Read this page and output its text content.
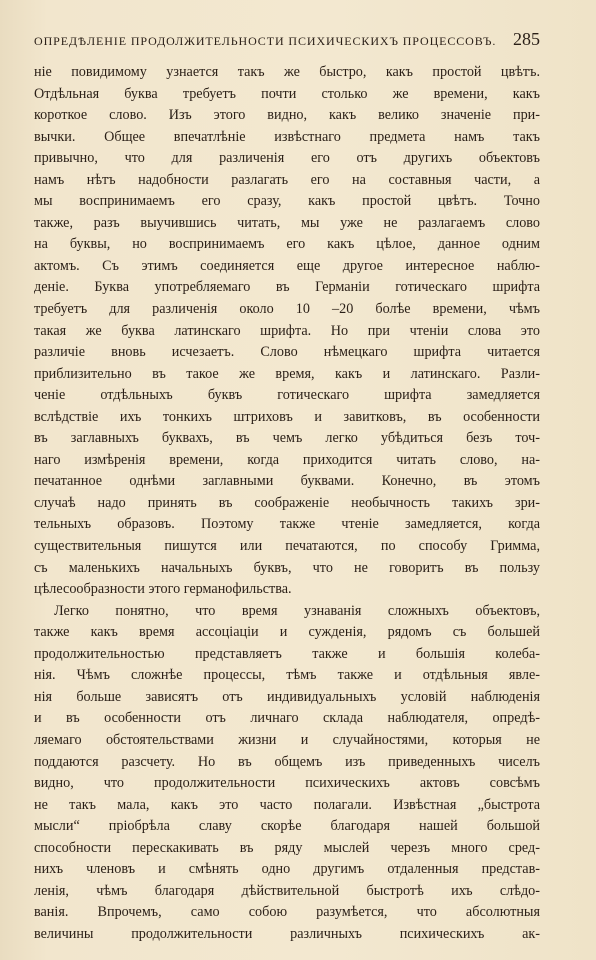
ОПРЕДѢЛЕНІЕ ПРОДОЛЖИТЕЛЬНОСТИ ПСИХИЧЕСКИХЪ ПРОЦЕССОВЪ. 285
ніе повидимому узнается такъ же быстро, какъ простой цвѣтъ.
Отдѣльная буква требуетъ почти столько же времени, какъ
короткое слово. Изъ этого видно, какъ велико значеніе при-
вычки. Общее впечатлѣніе извѣстнаго предмета намъ такъ
привычно, что для различенія его отъ другихъ объектовъ
намъ нѣтъ надобности разлагать его на составныя части, а
мы воспринимаемъ его сразу, какъ простой цвѣтъ. Точно
также, разъ выучившись читать, мы уже не разлагаемъ слово
на буквы, но воспринимаемъ его какъ цѣлое, данное одним
актомъ. Съ этимъ соединяется еще другое интересное наблю-
деніе. Буква употребляемаго въ Германіи готическаго шрифта
требуетъ для различенія около 10 –20 болѣе времени, чѣмъ
такая же буква латинскаго шрифта. Но при чтеніи слова это
различіе вновь исчезаетъ. Слово нѣмецкаго шрифта читается
приблизительно въ такое же время, какъ и латинскаго. Разли-
ченіе отдѣльныхъ буквъ готическаго шрифта замедляется
вслѣдствіе ихъ тонкихъ штриховъ и завитковъ, въ особенности
въ заглавныхъ буквахъ, въ чемъ легко убѣдиться безъ точ-
наго измѣренія времени, когда приходится читать слово, на-
печатанное однѣми заглавными буквами. Конечно, въ этомъ
случаѣ надо принять въ соображеніе необычность такихъ зри-
тельныхъ образовъ. Поэтому также чтеніе замедляется, когда
существительныя пишутся или печатаются, по способу Гримма,
съ маленькихъ начальныхъ буквъ, что не говоритъ въ пользу
цѣлесообразности этого германофильства.
Легко понятно, что время узнаванія сложныхъ объектовъ,
также какъ время ассоціаціи и сужденія, рядомъ съ большей
продолжительностью представляетъ также и большія колеба-
нія. Чѣмъ сложнѣе процессы, тѣмъ также и отдѣльныя явле-
нія больше зависятъ отъ индивидуальныхъ условій наблюденія
и въ особенности отъ личнаго склада наблюдателя, опредѣ-
ляемаго обстоятельствами жизни и случайностями, которыя не
поддаются разсчету. Но въ общемъ изъ приведенныхъ чиселъ
видно, что продолжительности психическихъ актовъ совсѣмъ
не такъ мала, какъ это часто полагали. Извѣстная „быстрота
мысли“ пріобрѣла славу скорѣе благодаря нашей большой
способности перескакивать въ ряду мыслей черезъ много сред-
нихъ членовъ и смѣнять одно другимъ отдаленныя представ-
ленія, чѣмъ благодаря дѣйствительной быстротѣ ихъ слѣдо-
ванія. Впрочемъ, само собою разумѣется, что абсолютныя
величины продолжительности различныхъ психическихъ ак-
